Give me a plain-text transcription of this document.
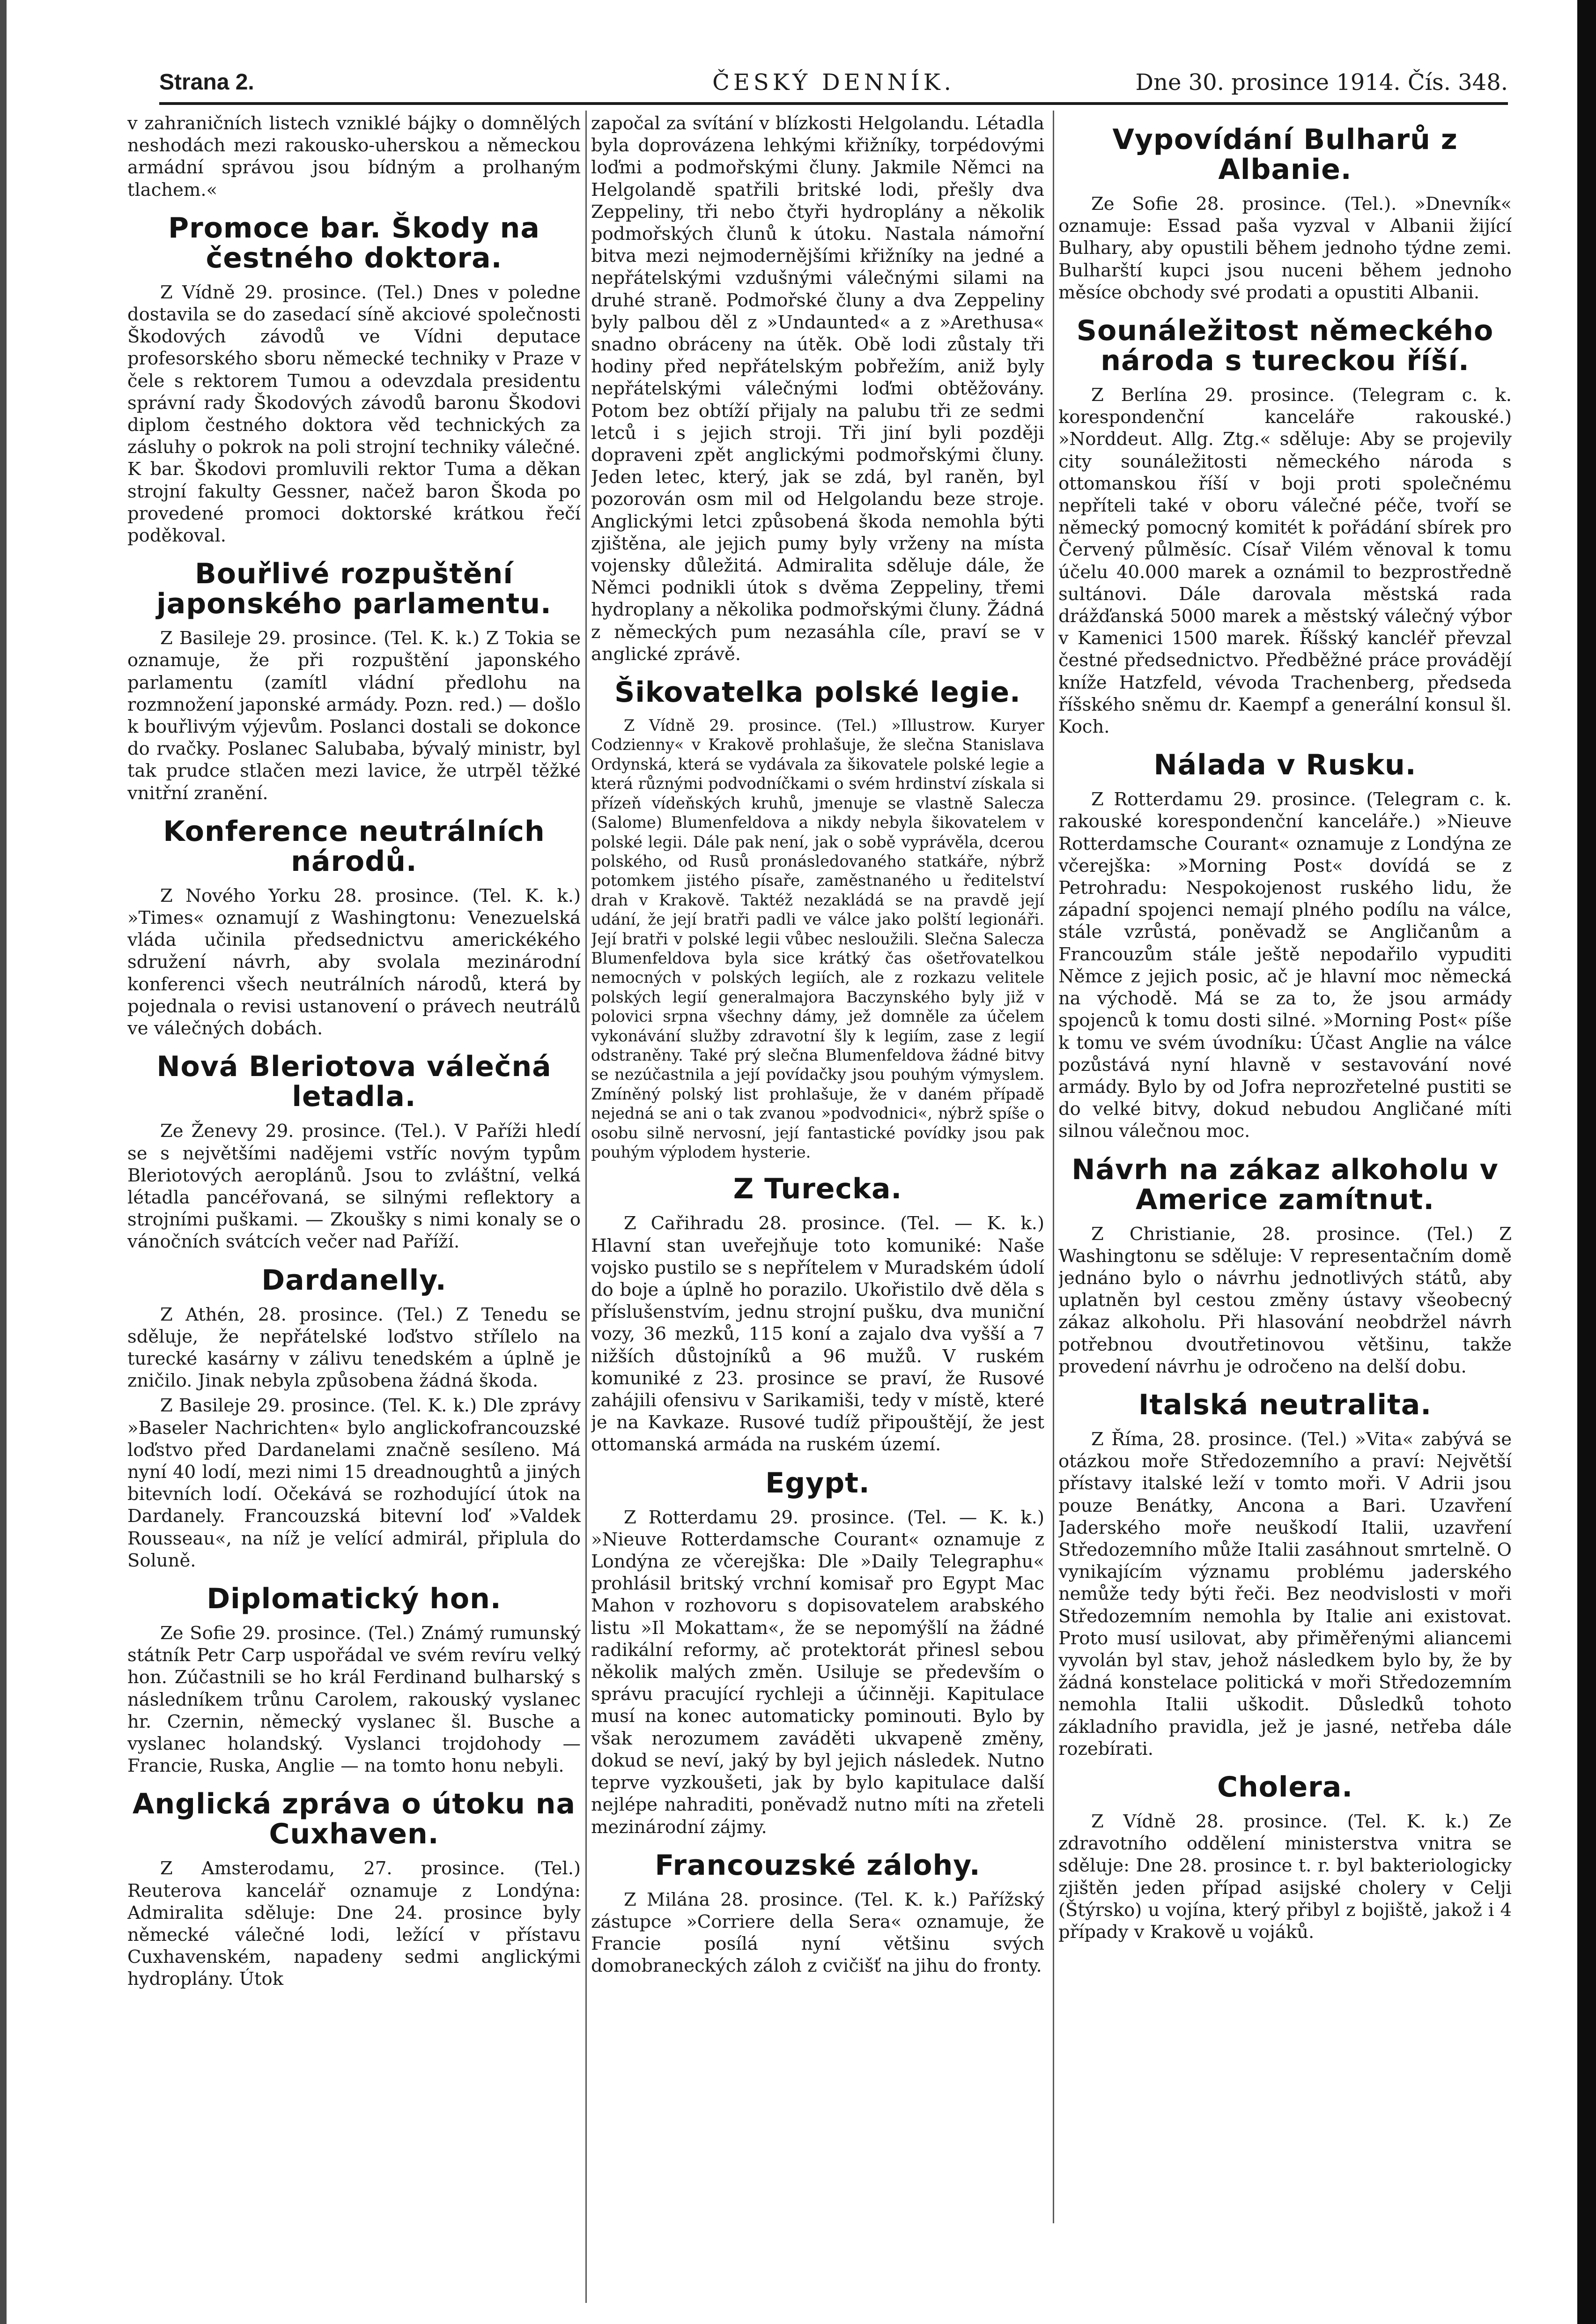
ČESKÝ DENNÍK.	Dne 30. prosince 1914. Čís. 348.
Strana 2.

v zahraničních listech vzniklé bájky o domnělých neshodách mezi rakousko-uherskou a německou armádní správou jsou bídným a prolhaným tlachem.«

Promoce bar. Škody na čestného doktora.

Z Vídně 29. prosince. (Tel.) Dnes v poledne dostavila se do zasedací síně akciové společnosti Škodových závodů ve Vídni deputace profesorského sboru německé techniky v Praze v čele s rektorem Tumou a odevzdala presidentu správní rady Škodových závodů baronu Škodovi diplom čestného doktora věd technických za zásluhy o pokrok na poli strojní techniky válečné. K bar. Škodovi promluvili rektor Tuma a děkan strojní fakulty Gessner, načež baron Škoda po provedené promoci doktorské krátkou řečí poděkoval.

Bouřlivé rozpuštění japonského parlamentu.

Z Basileje 29. prosince. (Tel. K. k.) Z Tokia se oznamuje, že při rozpuštění japonského parlamentu (zamítl vládní předlohu na rozmnožení japonské armády. Pozn. red.) — došlo k bouřlivým výjevům. Poslanci dostali se dokonce do rvačky. Poslanec Salubaba, bývalý ministr, byl tak prudce stlačen mezi lavice, že utrpěl těžké vnitřní zranění.

Konference neutrálních národů.

Z Nového Yorku 28. prosince. (Tel. K. k.) »Times« oznamují z Washingtonu: Venezuelská vláda učinila předsednictvu americkékého sdružení návrh, aby svolala mezinárodní konferenci všech neutrálních národů, která by pojednala o revisi ustanovení o právech neutrálů ve válečných dobách.

Nová Bleriotova válečná letadla.

Ze Ženevy 29. prosince. (Tel.). V Paříži hledí se s největšími nadějemi vstříc novým typům Bleriotových aeroplánů. Jsou to zvláštní, velká létadla pancéřovaná, se silnými reflektory a strojními puškami. — Zkoušky s nimi konaly se o vánočních svátcích večer nad Paříží.

Dardanelly.

Z Athén, 28. prosince. (Tel.) Z Tenedu se sděluje, že nepřátelské loďstvo střílelo na turecké kasárny v zálivu tenedském a úplně je zničilo. Jinak nebyla způsobena žádná škoda.

Z Basileje 29. prosince. (Tel. K. k.) Dle zprávy »Baseler Nachrichten« bylo anglickofrancouzské loďstvo před Dardanelami značně sesíleno. Má nyní 40 lodí, mezi nimi 15 dreadnoughtů a jiných bitevních lodí. Očekává se rozhodující útok na Dardanely. Francouzská bitevní loď »Valdek Rousseau«, na níž je velící admirál, připlula do Soluně.

Diplomatický hon.

Ze Sofie 29. prosince. (Tel.) Známý rumunský státník Petr Carp uspořádal ve svém revíru velký hon. Zúčastnili se ho král Ferdinand bulharský s následníkem trůnu Carolem, rakouský vyslanec hr. Czernin, německý vyslanec šl. Busche a vyslanec holandský. Vyslanci trojdohody — Francie, Ruska, Anglie — na tomto honu nebyli.

Anglická zpráva o útoku na Cuxhaven.

Z Amsterodamu, 27. prosince. (Tel.) Reuterova kancelář oznamuje z Londýna: Admiralita sděluje: Dne 24. prosince byly německé válečné lodi, ležící v přístavu Cuxhavenském, napadeny sedmi anglickými hydroplány. Útok

započal za svítání v blízkosti Helgolandu. Létadla byla doprovázena lehkými křižníky, torpédovými loďmi a podmořskými čluny. Jakmile Němci na Helgolandě spatřili britské lodi, přešly dva Zeppeliny, tři nebo čtyři hydroplány a několik podmořských člunů k útoku. Nastala námořní bitva mezi nejmodernějšími křižníky na jedné a nepřátelskými vzdušnými válečnými silami na druhé straně. Podmořské čluny a dva Zeppeliny byly palbou děl z »Undaunted« a z »Arethusa« snadno obráceny na útěk. Obě lodi zůstaly tři hodiny před nepřátelským pobřežím, aniž byly nepřátelskými válečnými loďmi obtěžovány. Potom bez obtíží přijaly na palubu tři ze sedmi letců i s jejich stroji. Tři jiní byli později dopraveni zpět anglickými podmořskými čluny. Jeden letec, který, jak se zdá, byl raněn, byl pozorován osm mil od Helgolandu beze stroje. Anglickými letci způsobená škoda nemohla býti zjištěna, ale jejich pumy byly vrženy na místa vojensky důležitá. Admiralita sděluje dále, že Němci podnikli útok s dvěma Zeppeliny, třemi hydroplany a několika podmořskými čluny. Žádná z německých pum nezasáhla cíle, praví se v anglické zprávě.

Šikovatelka polské legie.

Z Vídně 29. prosince. (Tel.) »Illustrow. Kuryer Codzienny« v Krakově prohlašuje, že slečna Stanislava Ordynská, která se vydávala za šikovatele polské legie a která různými podvodníčkami o svém hrdinství získala si přízeň vídeňských kruhů, jmenuje se vlastně Salecza (Salome) Blumenfeldova a nikdy nebyla šikovatelem v polské legii. Dále pak není, jak o sobě vyprávěla, dcerou polského, od Rusů pronásledovaného statkáře, nýbrž potomkem jistého písaře, zaměstnaného u ředitelství drah v Krakově. Taktéž nezakládá se na pravdě její udání, že její bratři padli ve válce jako polští legionáři. Její bratři v polské legii vůbec nesloužili. Slečna Salecza Blumenfeldova byla sice krátký čas ošetřovatelkou nemocných v polských legiích, ale z rozkazu velitele polských legií generalmajora Baczynského byly již v polovici srpna všechny dámy, jež domněle za účelem vykonávání služby zdravotní šly k legiím, zase z legií odstraněny. Také prý slečna Blumenfeldova žádné bitvy se nezúčastnila a její povídačky jsou pouhým výmyslem. Zmíněný polský list prohlašuje, že v daném případě nejedná se ani o tak zvanou »podvodnici«, nýbrž spíše o osobu silně nervosní, její fantastické povídky jsou pak pouhým výplodem hysterie.

Z Turecka.

Z Cařihradu 28. prosince. (Tel. — K. k.) Hlavní stan uveřejňuje toto komuniké: Naše vojsko pustilo se s nepřítelem v Muradském údolí do boje a úplně ho porazilo. Ukořistilo dvě děla s příslušenstvím, jednu strojní pušku, dva muniční vozy, 36 mezků, 115 koní a zajalo dva vyšší a 7 nižších důstojníků a 96 mužů. V ruském komuniké z 23. prosince se praví, že Rusové zahájili ofensivu v Sarikamiši, tedy v místě, které je na Kavkaze. Rusové tudíž připouštějí, že jest ottomanská armáda na ruském území.

Egypt.

Z Rotterdamu 29. prosince. (Tel. — K. k.) »Nieuve Rotterdamsche Courant« oznamuje z Londýna ze včerejška: Dle »Daily Telegraphu« prohlásil britský vrchní komisař pro Egypt Mac Mahon v rozhovoru s dopisovatelem arabského listu »Il Mokattam«, že se nepomýšlí na žádné radikální reformy, ač protektorát přinesl sebou několik malých změn. Usiluje se především o správu pracující rychleji a účinněji. Kapitulace musí na konec automaticky pominouti. Bylo by však nerozumem zaváděti ukvapeně změny, dokud se neví, jaký by byl jejich následek. Nutno teprve vyzkoušeti, jak by bylo kapitulace další nejlépe nahraditi, poněvadž nutno míti na zřeteli mezinárodní zájmy.

Francouzské zálohy.

Z Milána 28. prosince. (Tel. K. k.) Pařížský zástupce »Corriere della Sera« oznamuje, že Francie posílá nyní většinu svých domobraneckých záloh z cvičišť na jihu do fronty.

Vypovídání Bulharů z Albanie.

Ze Sofie 28. prosince. (Tel.). »Dnevník« oznamuje: Essad paša vyzval v Albanii žijící Bulhary, aby opustili během jednoho týdne zemi. Bulharští kupci jsou nuceni během jednoho měsíce obchody své prodati a opustiti Albanii.

Sounáležitost německého národa s tureckou říší.

Z Berlína 29. prosince. (Telegram c. k. korespondenční kanceláře rakouské.) »Norddeut. Allg. Ztg.« sděluje: Aby se projevily city sounáležitosti německého národa s ottomanskou říší v boji proti společnému nepříteli také v oboru válečné péče, tvoří se německý pomocný komitét k pořádání sbírek pro Červený půlměsíc. Císař Vilém věnoval k tomu účelu 40.000 marek a oznámil to bezprostředně sultánovi. Dále darovala městská rada drážďanská 5000 marek a městský válečný výbor v Kamenici 1500 marek. Říšský kancléř převzal čestné předsednictvo. Předběžné práce provádějí kníže Hatzfeld, vévoda Trachenberg, předseda říšského sněmu dr. Kaempf a generální konsul šl. Koch.

Nálada v Rusku.

Z Rotterdamu 29. prosince. (Telegram c. k. rakouské korespondenční kanceláře.) »Nieuve Rotterdamsche Courant« oznamuje z Londýna ze včerejška: »Morning Post« dovídá se z Petrohradu: Nespokojenost ruského lidu, že západní spojenci nemají plného podílu na válce, stále vzrůstá, poněvadž se Angličanům a Francouzům stále ještě nepodařilo vypuditi Němce z jejich posic, ač je hlavní moc německá na východě. Má se za to, že jsou armády spojenců k tomu dosti silné. »Morning Post« píše k tomu ve svém úvodníku: Účast Anglie na válce pozůstává nyní hlavně v sestavování nové armády. Bylo by od Jofra neprozřetelné pustiti se do velké bitvy, dokud nebudou Angličané míti silnou válečnou moc.

Návrh na zákaz alkoholu v Americe zamítnut.

Z Christianie, 28. prosince. (Tel.) Z Washingtonu se sděluje: V representačním domě jednáno bylo o návrhu jednotlivých států, aby uplatněn byl cestou změny ústavy všeobecný zákaz alkoholu. Při hlasování neobdržel návrh potřebnou dvoutřetinovou většinu, takže provedení návrhu je odročeno na delší dobu.

Italská neutralita.

Z Říma, 28. prosince. (Tel.) »Vita« zabývá se otázkou moře Středozemního a praví: Největší přístavy italské leží v tomto moři. V Adrii jsou pouze Benátky, Ancona a Bari. Uzavření Jaderského moře neuškodí Italii, uzavření Středozemního může Italii zasáhnout smrtelně. O vynikajícím významu problému jaderského nemůže tedy býti řeči. Bez neodvislosti v moři Středozemním nemohla by Italie ani existovat. Proto musí usilovat, aby přiměřenými aliancemi vyvolán byl stav, jehož následkem bylo by, že by žádná konstelace politická v moři Středozemním nemohla Italii uškodit. Důsledků tohoto základního pravidla, jež je jasné, netřeba dále rozebírati.

Cholera.

Z Vídně 28. prosince. (Tel. K. k.) Ze zdravotního oddělení ministerstva vnitra se sděluje: Dne 28. prosince t. r. byl bakteriologicky zjištěn jeden případ asijské cholery v Celji (Štýrsko) u vojína, který přibyl z bojiště, jakož i 4 případy v Krakově u vojáků.
